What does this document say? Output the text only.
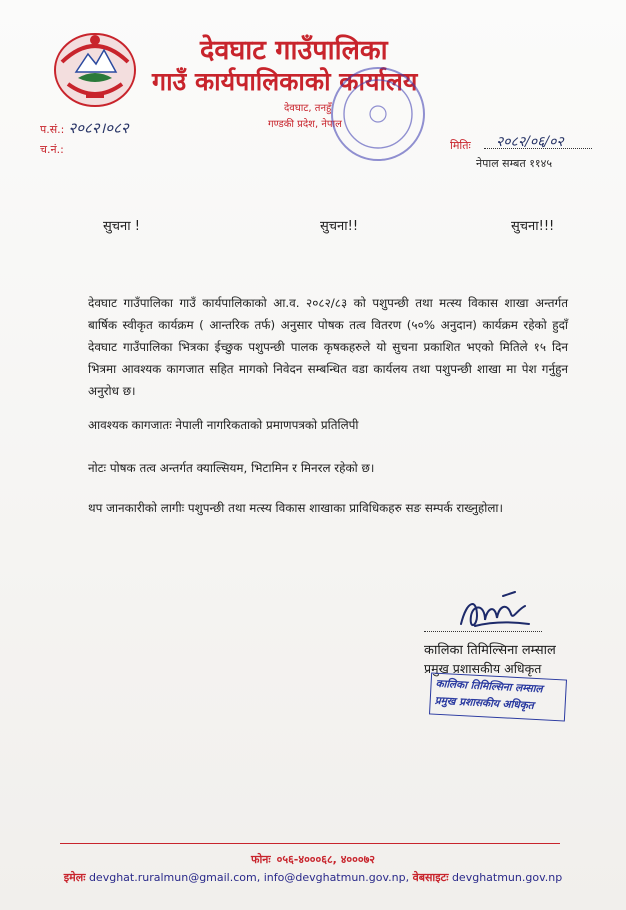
देवघाट गाउँपालिका
गाउँ कार्यपालिकाको कार्यालय
देवघाट, तनहुँ
गण्डकी प्रदेश, नेपाल
प.सं.: २०८२।०८२
च.नं.:	मितिः २०८२/०६/०२
नेपाल सम्बत ११४५
सुचना !	सुचना!!	सुचना!!!
देवघाट गाउँपालिका गाउँ कार्यपालिकाको आ.व. २०८२/८३ को पशुपन्छी तथा मत्स्य विकास शाखा अन्तर्गत बार्षिक स्वीकृत कार्यक्रम ( आन्तरिक तर्फ) अनुसार पोषक तत्व वितरण (५०% अनुदान) कार्यक्रम रहेको हुदाँ देवघाट गाउँपालिका भित्रका ईच्छुक पशुपन्छी पालक कृषकहरुले यो सुचना प्रकाशित भएको मितिले १५ दिन भित्रमा आवश्यक कागजात सहित मागको निवेदन सम्बन्धित वडा कार्यलय तथा पशुपन्छी शाखा मा पेश गर्नुहुन अनुरोध छ।
आवश्यक कागजातः नेपाली नागरिकताको प्रमाणपत्रको प्रतिलिपी
नोटः पोषक तत्व अन्तर्गत क्याल्सियम, भिटामिन र मिनरल रहेको छ।
थप जानकारीको लागीः पशुपन्छी तथा मत्स्य विकास शाखाका प्राविधिकहरु सङ सम्पर्क राख्नुहोला।
कालिका तिमिल्सिना लम्साल
प्रमुख प्रशासकीय अधिकृत
कालिका तिमिल्सिना लम्साल
प्रमुख प्रशासकीय अधिकृत
फोनः ०५६-४०००६८, ४०००७२
इमेलः devghat.ruralmun@gmail.com, info@devghatmun.gov.np, वेबसाइटः devghatmun.gov.np
